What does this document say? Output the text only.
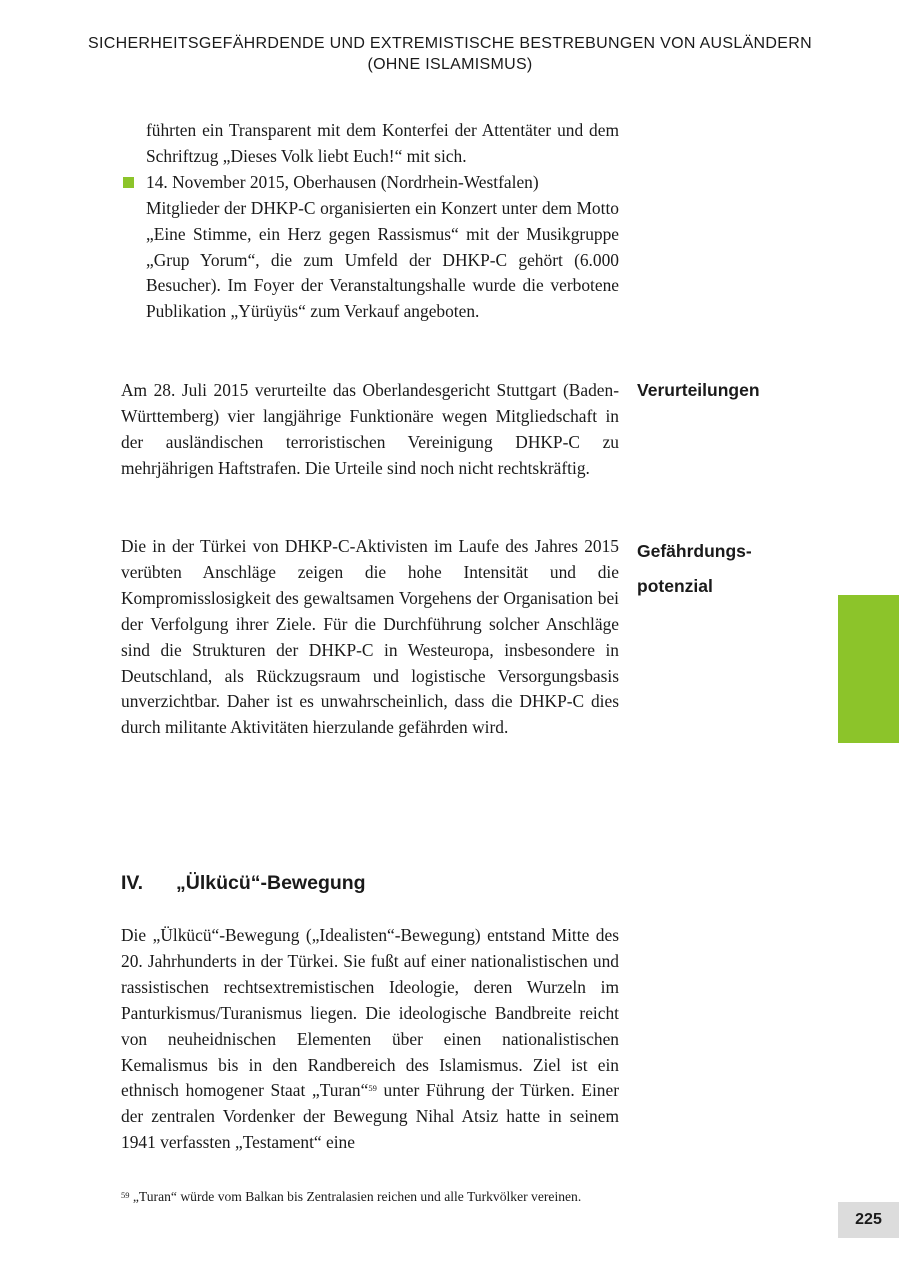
SICHERHEITSGEFÄHRDENDE UND EXTREMISTISCHE BESTREBUNGEN VON AUSLÄNDERN
(OHNE ISLAMISMUS)

führten ein Transparent mit dem Konterfei der Attentäter und dem Schriftzug „Dieses Volk liebt Euch!“ mit sich.

14. November 2015, Oberhausen (Nordrhein-Westfalen)

Mitglieder der DHKP-C organisierten ein Konzert unter dem Motto „Eine Stimme, ein Herz gegen Rassismus“ mit der Musikgruppe „Grup Yorum“, die zum Umfeld der DHKP-C gehört (6.000 Besucher). Im Foyer der Veranstaltungshalle wurde die verbotene Publikation „Yürüyüs“ zum Verkauf angeboten.

Verurteilungen

Am 28. Juli 2015 verurteilte das Oberlandesgericht Stuttgart (Baden-Württemberg) vier langjährige Funktionäre wegen Mitgliedschaft in der ausländischen terroristischen Vereinigung DHKP-C zu mehrjährigen Haftstrafen. Die Urteile sind noch nicht rechtskräftig.

Gefährdungs-
potenzial

Die in der Türkei von DHKP-C-Aktivisten im Laufe des Jahres 2015 verübten Anschläge zeigen die hohe Intensität und die Kompromisslosigkeit des gewaltsamen Vorgehens der Organisation bei der Verfolgung ihrer Ziele. Für die Durchführung solcher Anschläge sind die Strukturen der DHKP-C in Westeuropa, insbesondere in Deutschland, als Rückzugsraum und logistische Versorgungsbasis unverzichtbar. Daher ist es unwahrscheinlich, dass die DHKP-C dies durch militante Aktivitäten hierzulande gefährden wird.

IV. „Ülkücü“-Bewegung

Die „Ülkücü“-Bewegung („Idealisten“-Bewegung) entstand Mitte des 20. Jahrhunderts in der Türkei. Sie fußt auf einer nationalistischen und rassistischen rechtsextremistischen Ideologie, deren Wurzeln im Panturkismus/Turanismus liegen. Die ideologische Bandbreite reicht von neuheidnischen Elementen über einen nationalistischen Kemalismus bis in den Randbereich des Islamismus. Ziel ist ein ethnisch homogener Staat „Turan“$^{59}$ unter Führung der Türken. Einer der zentralen Vordenker der Bewegung Nihal Atsiz hatte in seinem 1941 verfassten „Testament“ eine

$^{59}$ „Turan“ würde vom Balkan bis Zentralasien reichen und alle Turkvölker vereinen.
225
